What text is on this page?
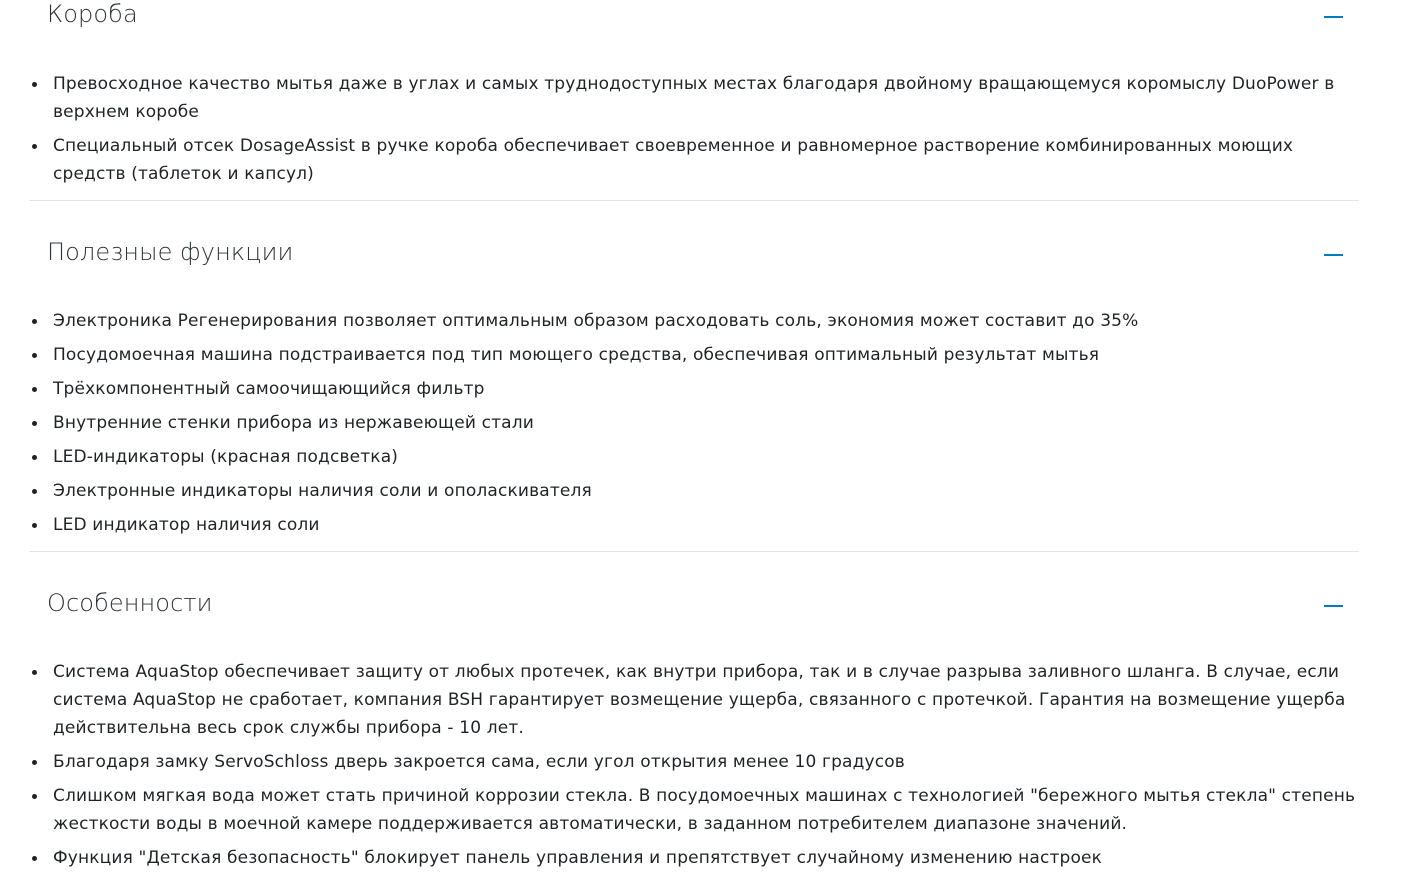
Короба
Превосходное качество мытья даже в углах и самых труднодоступных местах благодаря двойному вращающемуся коромыслу DuoPower в верхнем коробе
Специальный отсек DosageAssist в ручке короба обеспечивает своевременное и равномерное растворение комбинированных моющих средств (таблеток и капсул)
Полезные функции
Электроника Регенерирования позволяет оптимальным образом расходовать соль, экономия может составит до 35%
Посудомоечная машина подстраивается под тип моющего средства, обеспечивая оптимальный результат мытья
Трёхкомпонентный самоочищающийся фильтр
Внутренние стенки прибора из нержавеющей стали
LED-индикаторы (красная подсветка)
Электронные индикаторы наличия соли и ополаскивателя
LED индикатор наличия соли
Особенности
Система AquaStop обеспечивает защиту от любых протечек, как внутри прибора, так и в случае разрыва заливного шланга. В случае, если система AquaStop не сработает, компания BSH гарантирует возмещение ущерба, связанного с протечкой. Гарантия на возмещение ущерба действительна весь срок службы прибора - 10 лет.
Благодаря замку ServoSchloss дверь закроется сама, если угол открытия менее 10 градусов
Слишком мягкая вода может стать причиной коррозии стекла. В посудомоечных машинах с технологией "бережного мытья стекла" степень жесткости воды в моечной камере поддерживается автоматически, в заданном потребителем диапазоне значений.
Функция "Детская безопасность" блокирует панель управления и препятствует случайному изменению настроек
